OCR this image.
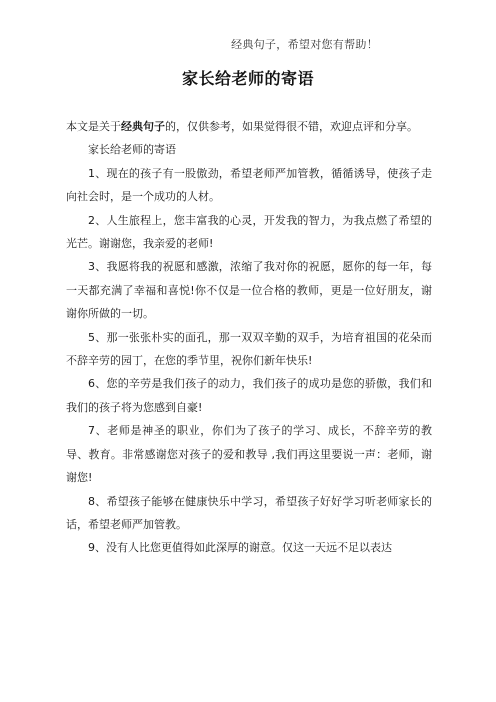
经典句子，希望对您有帮助！
家长给老师的寄语

本文是关于经典句子的，仅供参考，如果觉得很不错，欢迎点评和分享。

家长给老师的寄语

1、现在的孩子有一股傲劲，希望老师严加管教，循循诱导，使孩子走向社会时，是一个成功的人材。

2、人生旅程上，您丰富我的心灵，开发我的智力，为我点燃了希望的光芒。谢谢您，我亲爱的老师!

3、我愿将我的祝愿和感激，浓缩了我对你的祝愿，愿你的每一年，每一天都充满了幸福和喜悦!你不仅是一位合格的教师，更是一位好朋友，谢谢你所做的一切。

5、那一张张朴实的面孔，那一双双辛勤的双手，为培育祖国的花朵而不辞辛劳的园丁，在您的季节里，祝你们新年快乐!

6、您的辛劳是我们孩子的动力，我们孩子的成功是您的骄傲，我们和我们的孩子将为您感到自豪!

7、老师是神圣的职业，你们为了孩子的学习、成长，不辞辛劳的教导、教育。非常感谢您对孩子的爱和教导 ,我们再这里要说一声：老师，谢谢您!

8、希望孩子能够在健康快乐中学习，希望孩子好好学习听老师家长的话，希望老师严加管教。

9、没有人比您更值得如此深厚的谢意。仅这一天远不足以表达
